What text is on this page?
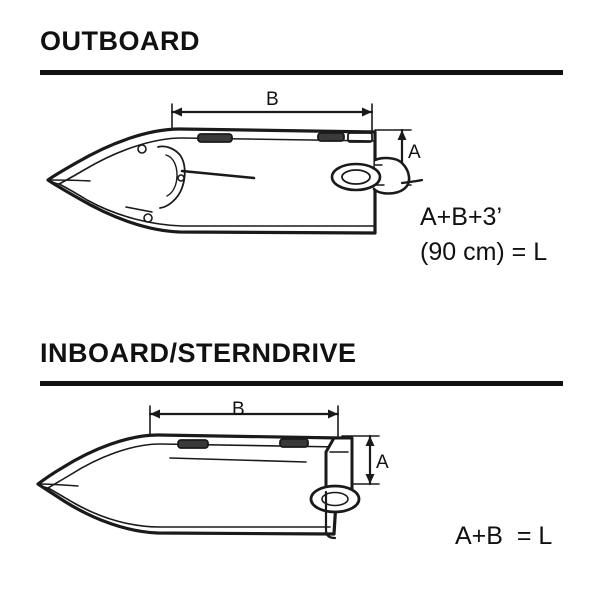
OUTBOARD
B
A
A+B+3’
(90 cm) = L
INBOARD/STERNDRIVE
B
A
A+B  = L
